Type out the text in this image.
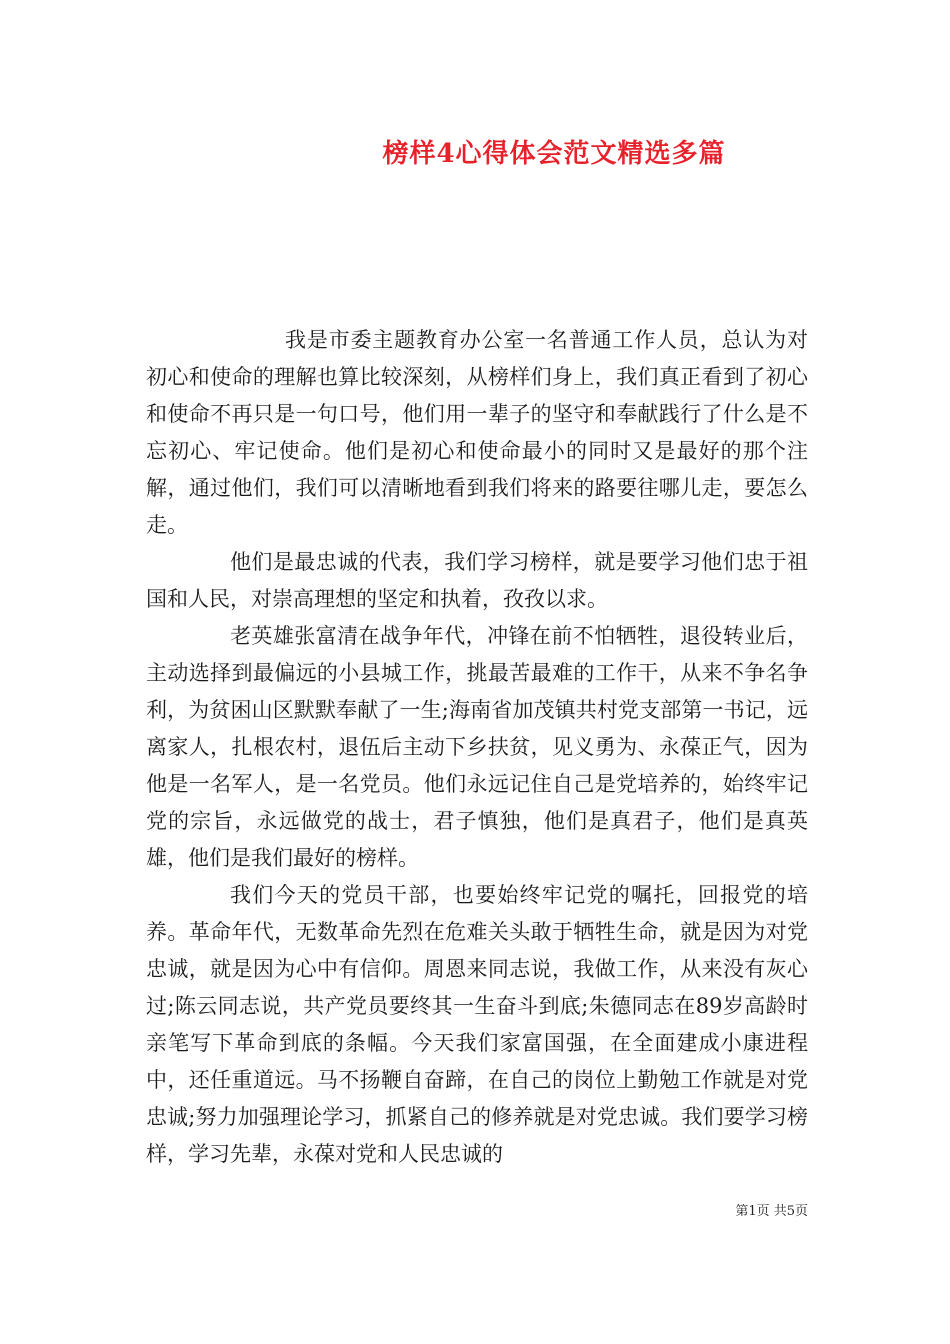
榜样4心得体会范文精选多篇

我是市委主题教育办公室一名普通工作人员，总认为对初心和使命的理解也算比较深刻，从榜样们身上，我们真正看到了初心和使命不再只是一句口号，他们用一辈子的坚守和奉献践行了什么是不忘初心、牢记使命。他们是初心和使命最小的同时又是最好的那个注解，通过他们，我们可以清晰地看到我们将来的路要往哪儿走，要怎么走。

他们是最忠诚的代表，我们学习榜样，就是要学习他们忠于祖国和人民，对崇高理想的坚定和执着，孜孜以求。

老英雄张富清在战争年代，冲锋在前不怕牺牲，退役转业后，主动选择到最偏远的小县城工作，挑最苦最难的工作干，从来不争名争利，为贫困山区默默奉献了一生;海南省加茂镇共村党支部第一书记，远离家人，扎根农村，退伍后主动下乡扶贫，见义勇为、永葆正气，因为他是一名军人，是一名党员。他们永远记住自己是党培养的，始终牢记党的宗旨，永远做党的战士，君子慎独，他们是真君子，他们是真英雄，他们是我们最好的榜样。

我们今天的党员干部，也要始终牢记党的嘱托，回报党的培养。革命年代，无数革命先烈在危难关头敢于牺牲生命，就是因为对党忠诚，就是因为心中有信仰。周恩来同志说，我做工作，从来没有灰心过;陈云同志说，共产党员要终其一生奋斗到底;朱德同志在89岁高龄时亲笔写下革命到底的条幅。今天我们家富国强，在全面建成小康进程中，还任重道远。马不扬鞭自奋蹄，在自己的岗位上勤勉工作就是对党忠诚;努力加强理论学习，抓紧自己的修养就是对党忠诚。我们要学习榜样，学习先辈，永葆对党和人民忠诚的

第1页 共5页
